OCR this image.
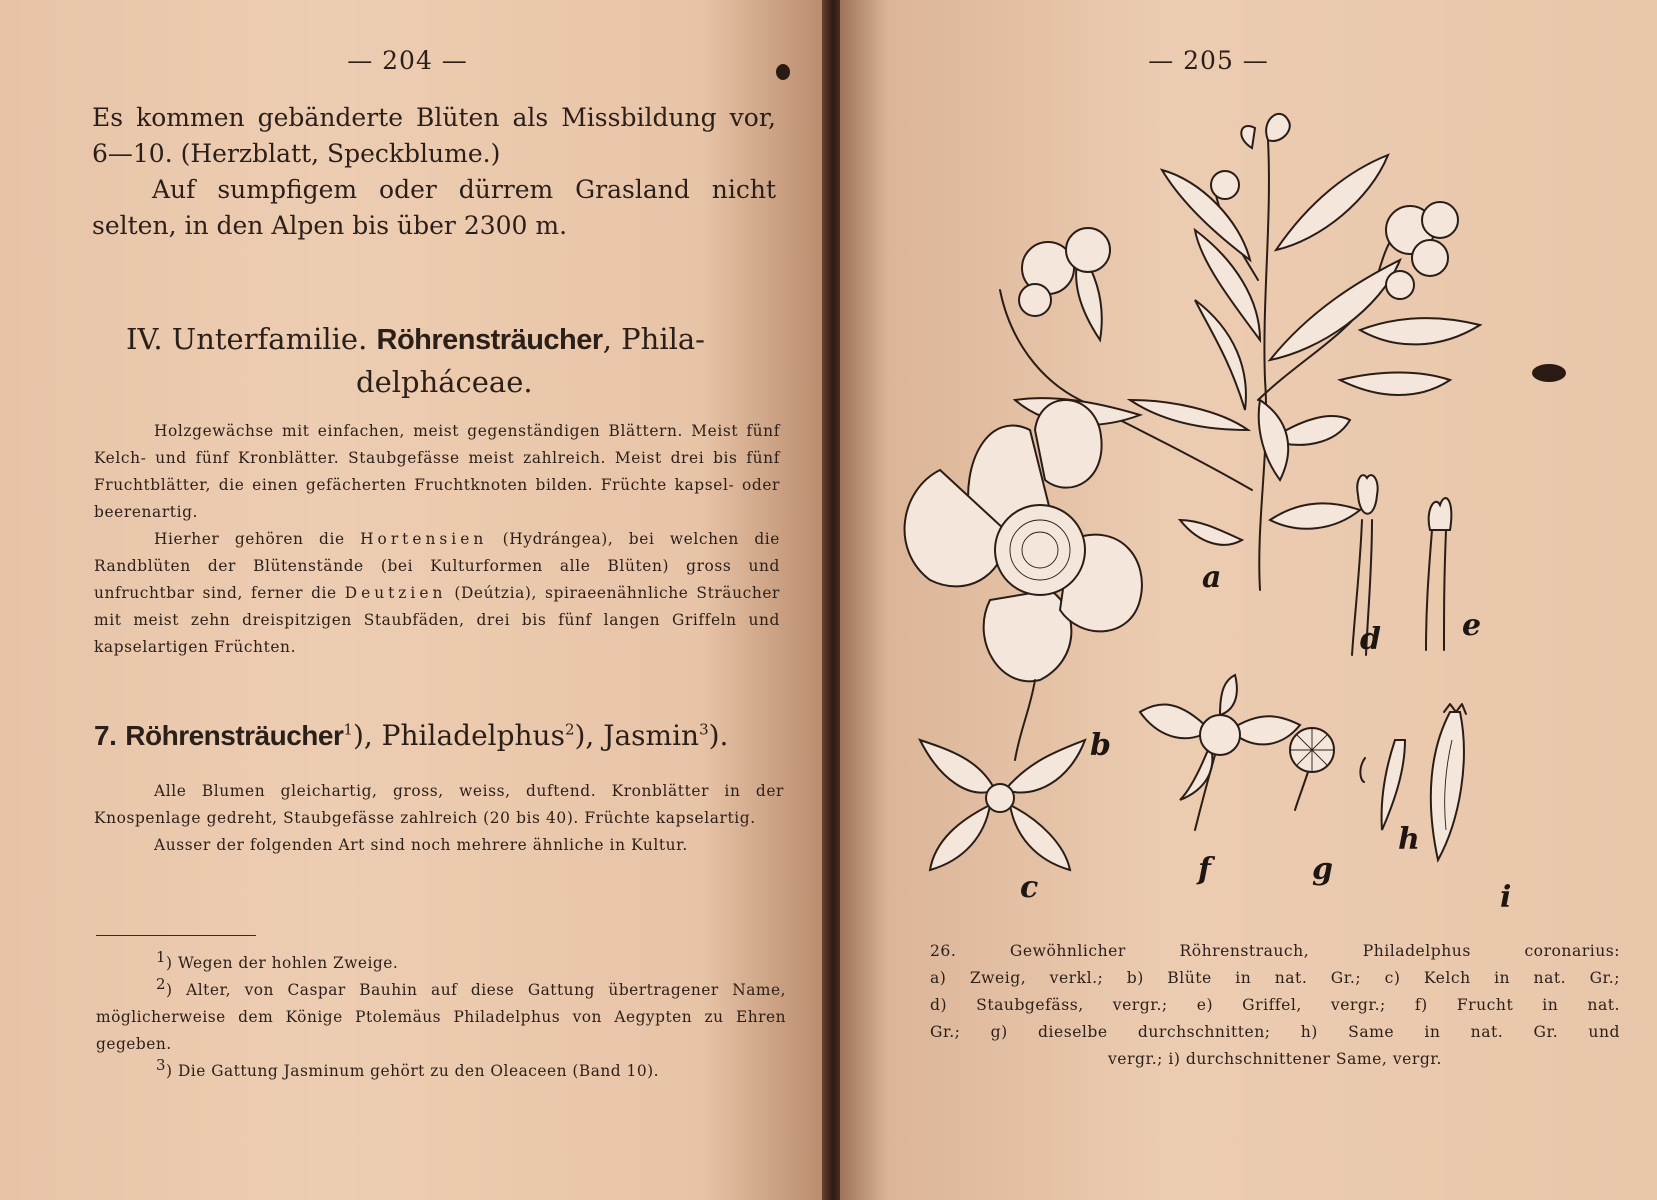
— 204 —

Es kommen gebänderte Blüten als Missbildung vor,

6—10. (Herzblatt, Speckblume.)

Auf sumpfigem oder dürrem Grasland nicht selten, in den Alpen bis über 2300 m.

IV. Unterfamilie. Röhrensträucher, Phila-
delpháceae.

Holzgewächse mit einfachen, meist gegenständigen Blättern. Meist fünf Kelch- und fünf Kronblätter. Staubgefässe meist zahlreich. Meist drei bis fünf Fruchtblätter, die einen gefächerten Fruchtknoten bilden. Früchte kapsel- oder beerenartig.

Hierher gehören die Hortensien (Hydrángea), bei welchen die Randblüten der Blütenstände (bei Kulturformen alle Blüten) gross und unfruchtbar sind, ferner die Deutzien (Deútzia), spiraeenähnliche Sträucher mit meist zehn dreispitzigen Staubfäden, drei bis fünf langen Griffeln und kapselartigen Früchten.

7. Röhrensträucher$^1$), Philadelphus$^2$), Jasmin$^3$).

Alle Blumen gleichartig, gross, weiss, duftend. Kronblätter in der Knospenlage gedreht, Staubgefässe zahlreich (20 bis 40). Früchte kapselartig.

Ausser der folgenden Art sind noch mehrere ähnliche in Kultur.

1) Wegen der hohlen Zweige.

2) Alter, von Caspar Bauhin auf diese Gattung übertragener Name, möglicherweise dem Könige Ptolemäus Philadelphus von Aegypten zu Ehren gegeben.

3) Die Gattung Jasminum gehört zu den Oleaceen (Band 10).

— 205 —
a
b
c
d	e
f	g
h
i
26. Gewöhnlicher Röhrenstrauch, Philadelphus coronarius:
a) Zweig, verkl.; b) Blüte in nat. Gr.; c) Kelch in nat. Gr.;
d) Staubgefäss, vergr.; e) Griffel, vergr.; f) Frucht in nat.
Gr.; g) dieselbe durchschnitten; h) Same in nat. Gr. und
vergr.; i) durchschnittener Same, vergr.
